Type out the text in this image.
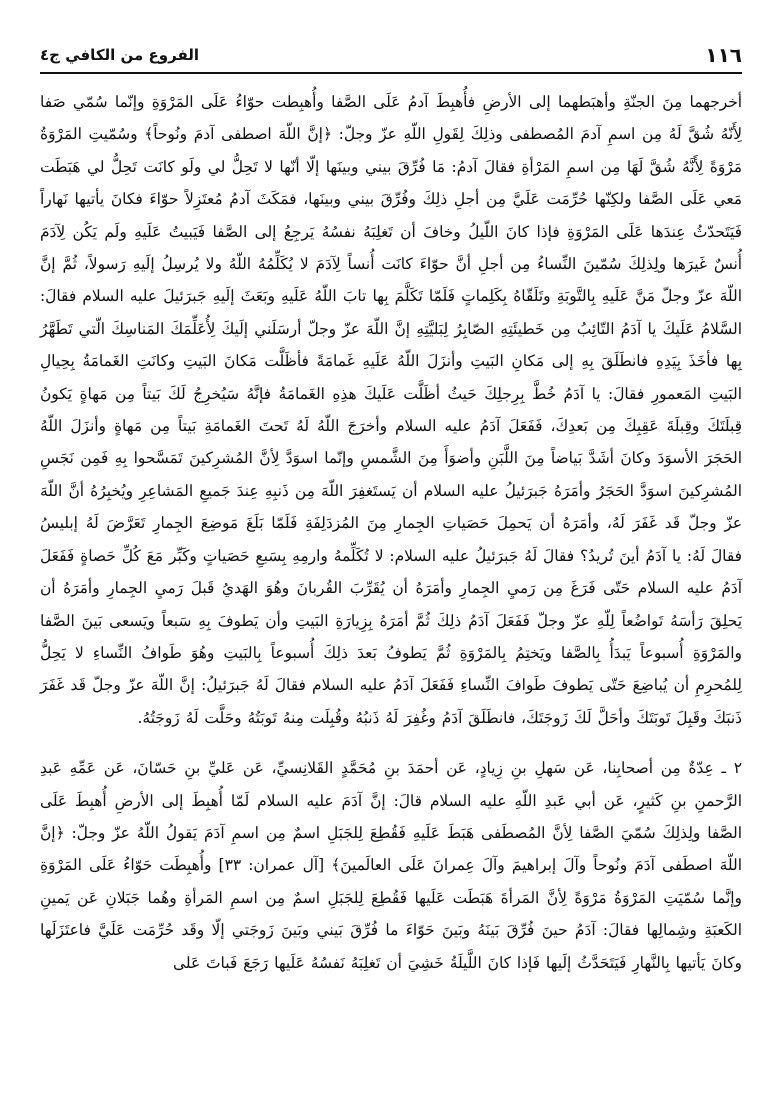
١١٦
الفروع من الكافي ج٤

أخرجهما مِنَ الجنّةِ وأهبَطهما إلى الأرضِ فأُهبِطَ آدمُ عَلَى الصَّفا وأُهبِطت حوّاءُ عَلَى المَرْوَةِ وإنّما سُمّي صَفا لِأَنّهُ شُقَّ لَهُ مِن اسمِ آدمَ المُصطفى وذلِكَ لِقَولِ اللّهِ عزّ وجلّ: ﴿إنَّ اللّهَ اصطفى آدمَ ونُوحاً﴾ وسُمّيتِ المَرْوَةُ مَرْوَةً لِأَنَّهُ شُقَّ لَهَا مِن اسمِ المَرْأةِ فقالَ آدمُ: مَا فُرِّقَ بيني وبينَها إلّا أنّها لا تَحِلُّ لي ولَو كانَت تَحِلُّ لي هَبَطَت مَعي عَلَى الصَّفا ولكِنّها حُرِّمَت عَلَيَّ مِن أجلِ ذلِكَ وفُرِّقَ بيني وبينَها، فمَكَثَ آدمُ مُعتَزِلاً حوّاءَ فكانَ يأتيها نَهاراً فَيَتَحدّثُ عِندَها عَلَى المَرْوَةِ فإذا كانَ اللّيلُ وخافَ أن تَغلِبَهُ نفسُهُ يَرجِعُ إلى الصَّفا فَيَبيتُ عَلَيهِ ولَم يَكُن لِآدَمَ أُنسٌ غَيرَها ولِذلِكَ سُمّينَ النِّساءُ مِن أجلِ أنَّ حوّاءَ كانَت أُنساً لِآدَمَ لا يُكَلِّمُهُ اللّهُ ولا يُرسِلُ إلَيهِ رَسولاً، ثُمَّ إنَّ اللّهَ عزّ وجلّ مَنَّ عَلَيهِ بِالتَّوبَةِ وتَلَقّاهُ بِكَلِماتٍ فَلَمّا تَكَلَّمَ بِها تابَ اللّهُ عَلَيهِ وبَعَثَ إلَيهِ جَبرَئيلَ عليه السلام فقالَ: السَّلامُ عَلَيكَ يا آدَمُ التّائِبُ مِن خَطيئَتِهِ الصّابِرُ لِبَليَّتِهِ إنَّ اللّهَ عزّ وجلّ أرسَلَني إلَيكَ لِأُعَلِّمَكَ المَناسِكَ الّتي تَطَهَّرُ بِها فأخَذَ بِيَدِهِ فانطَلَقَ بِهِ إلى مَكانِ البَيتِ وأنزَلَ اللّهُ عَلَيهِ غَمامَةً فأظَلَّت مَكانَ البَيتِ وكانَتِ الغَمامَةُ بِحِيالِ البَيتِ المَعمورِ فقالَ: يا آدَمُ خُطَّ بِرِجلِكَ حَيثُ أظَلَّت عَلَيكَ هذِهِ الغَمامَةُ فإنَّهُ سَيُخرِجُ لَكَ بَيتاً مِن مَهاةٍ يَكونُ قِبلَتَكَ وقِبلَةَ عَقِبِكَ مِن بَعدِكَ، فَفَعَلَ آدَمُ عليه السلام وأخرَجَ اللّهُ لَهُ تَحتَ الغَمامَةِ بَيتاً مِن مَهاةٍ وأنزَلَ اللّهُ الحَجَرَ الأسوَدَ وكانَ أشَدَّ بَياضاً مِنَ اللَّبَنِ وأضوَأَ مِنَ الشَّمسِ وإنّما اسوَدَّ لِأنَّ المُشرِكينَ تَمَسَّحوا بِهِ فَمِن نَجَسِ المُشرِكينَ اسوَدَّ الحَجَرُ وأمَرَهُ جَبرَئيلُ عليه السلام أن يَستَغفِرَ اللّهَ مِن ذَنبِهِ عِندَ جَميعِ المَشاعِرِ ويُخبِرُهُ أنَّ اللّهَ عزّ وجلّ قَد غَفَرَ لَهُ، وأمَرَهُ أن يَحمِلَ حَصَياتِ الجِمارِ مِنَ المُزدَلِفَةِ فَلَمّا بَلَغَ مَوضِعَ الجِمارِ تَعَرَّضَ لَهُ إبليسُ فقالَ لَهُ: يا آدَمُ أينَ تُريدُ؟ فقالَ لَهُ جَبرَئيلُ عليه السلام: لا تُكَلِّمهُ وارمِهِ بِسَبعِ حَصَياتٍ وكَبِّر مَعَ كُلِّ حَصاةٍ فَفَعَلَ آدَمُ عليه السلام حَتّى فَرَغَ مِن رَميِ الجِمارِ وأمَرَهُ أن يُقَرِّبَ القُربانَ وهُوَ الهَديُ قَبلَ رَميِ الجِمارِ وأمَرَهُ أن يَحلِقَ رَأسَهُ تَواضُعاً لِلّهِ عزّ وجلّ فَفَعَلَ آدَمُ ذلِكَ ثُمَّ أمَرَهُ بِزِيارَةِ البَيتِ وأن يَطوفَ بِهِ سَبعاً ويَسعى بَينَ الصَّفا والمَرْوَةِ أُسبوعاً يَبدَأُ بِالصَّفا ويَختِمُ بِالمَرْوَةِ ثُمَّ يَطوفُ بَعدَ ذلِكَ أُسبوعاً بِالبَيتِ وهُوَ طَوافُ النِّساءِ لا يَحِلُّ لِلمُحرِمِ أن يُباضِعَ حَتّى يَطوفَ طَوافَ النِّساءِ فَفَعَلَ آدَمُ عليه السلام فقالَ لَهُ جَبرَئيلُ: إنَّ اللّهَ عزّ وجلّ قَد غَفَرَ ذَنبَكَ وقَبِلَ تَوبَتَكَ وأحَلَّ لَكَ زَوجَتَكَ، فانطَلَقَ آدَمُ وغُفِرَ لَهُ ذَنبُهُ وقُبِلَت مِنهُ تَوبَتُهُ وحَلَّت لَهُ زَوجَتُهُ.

٢ ـ عِدّةٌ مِن أصحابِنا، عَن سَهلِ بنِ زِيادٍ، عَن أحمَدَ بنِ مُحَمَّدٍ القَلانِسيِّ، عَن عَليِّ بنِ حَسّانَ، عَن عَمِّهِ عَبدِ الرَّحمنِ بنِ كَثيرٍ، عَن أبي عَبدِ اللّهِ عليه السلام قالَ: إنَّ آدَمَ عليه السلام لَمّا أُهبِطَ إلى الأرضِ أُهبِطَ عَلَى الصَّفا ولِذلِكَ سُمّيَ الصَّفا لِأنَّ المُصطَفى هَبَطَ عَلَيهِ فَقُطِعَ لِلجَبَلِ اسمٌ مِن اسمِ آدَمَ يَقولُ اللّهُ عزّ وجلّ: ﴿إنَّ اللّهَ اصطَفى آدَمَ ونُوحاً وآلَ إبراهيمَ وآلَ عِمرانَ عَلَى العالَمينَ﴾ [آل عمران: ٣٣] وأُهبِطَت حَوّاءُ عَلَى المَرْوَةِ وإنَّما سُمّيَتِ المَرْوَةُ مَرْوَةً لِأنَّ المَرأةَ هَبَطَت عَلَيها فَقُطِعَ لِلجَبَلِ اسمٌ مِن اسمِ المَرأةِ وهُما جَبَلانِ عَن يَمينِ الكَعبَةِ وشِمالِها فقالَ: آدَمُ حينَ فُرِّقَ بَينَهُ وبَينَ حَوّاءَ ما فُرِّقَ بَيني وبَينَ زَوجَتي إلّا وقَد حُرِّمَت عَلَيَّ فاعتَزَلَها وكانَ يَأتيها بِالنَّهارِ فَيَتَحَدَّثُ إلَيها فَإذا كانَ اللَّيلَةُ خَشِيَ أن تَغلِبَهُ نَفسُهُ عَلَيها رَجَعَ فَباتَ عَلى
